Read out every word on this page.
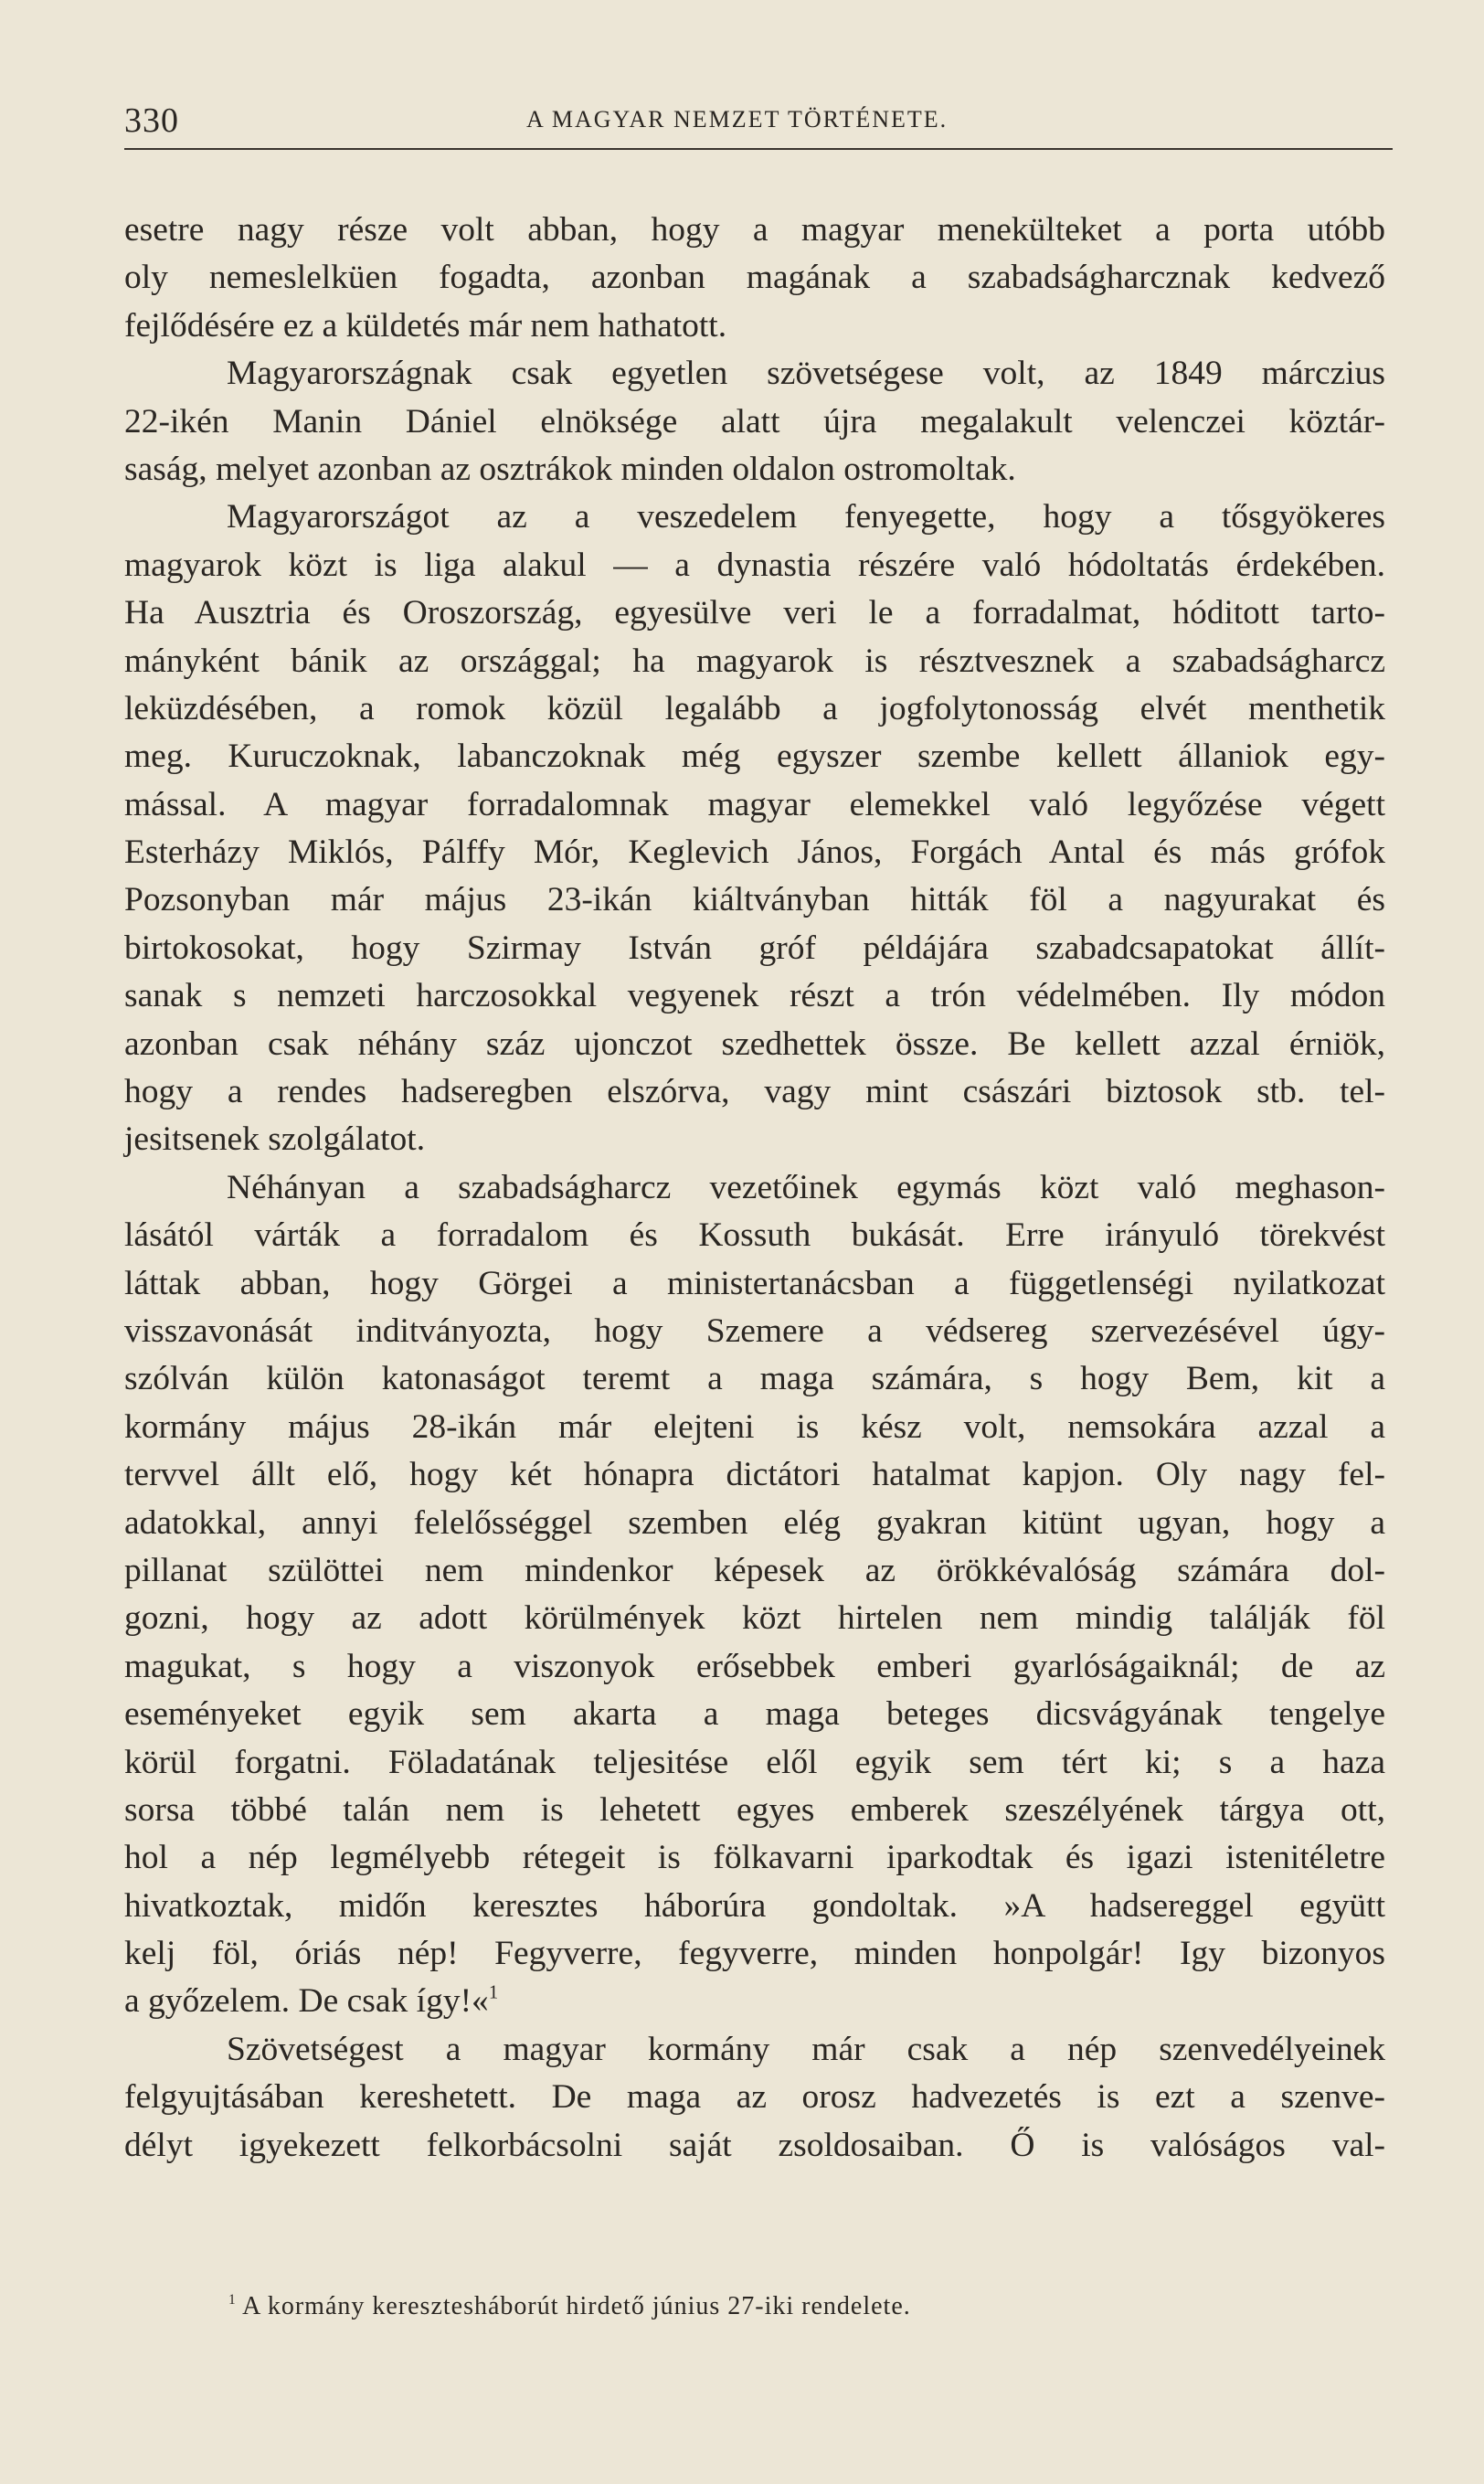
330	A MAGYAR NEMZET TÖRTÉNETE.
esetre nagy része volt abban, hogy a magyar menekülteket a porta utóbb
oly nemeslelküen fogadta, azonban magának a szabadságharcznak kedvező
fejlődésére ez a küldetés már nem hathatott.
Magyarországnak csak egyetlen szövetségese volt, az 1849 márczius
22-ikén Manin Dániel elnöksége alatt újra megalakult velenczei köztár-
saság, melyet azonban az osztrákok minden oldalon ostromoltak.
Magyarországot az a veszedelem fenyegette, hogy a tősgyökeres
magyarok közt is liga alakul — a dynastia részére való hódoltatás érdekében.
Ha Ausztria és Oroszország, egyesülve veri le a forradalmat, hóditott tarto-
mányként bánik az országgal; ha magyarok is résztvesznek a szabadságharcz
leküzdésében, a romok közül legalább a jogfolytonosság elvét menthetik
meg. Kuruczoknak, labanczoknak még egyszer szembe kellett állaniok egy-
mással. A magyar forradalomnak magyar elemekkel való legyőzése végett
Esterházy Miklós, Pálffy Mór, Keglevich János, Forgách Antal és más grófok
Pozsonyban már május 23-ikán kiáltványban hitták föl a nagyurakat és
birtokosokat, hogy Szirmay István gróf példájára szabadcsapatokat állít-
sanak s nemzeti harczosokkal vegyenek részt a trón védelmében. Ily módon
azonban csak néhány száz ujonczot szedhettek össze. Be kellett azzal érniök,
hogy a rendes hadseregben elszórva, vagy mint császári biztosok stb. tel-
jesitsenek szolgálatot.
Néhányan a szabadságharcz vezetőinek egymás közt való meghason-
lásától várták a forradalom és Kossuth bukását. Erre irányuló törekvést
láttak abban, hogy Görgei a ministertanácsban a függetlenségi nyilatkozat
visszavonását inditványozta, hogy Szemere a védsereg szervezésével úgy-
szólván külön katonaságot teremt a maga számára, s hogy Bem, kit a
kormány május 28-ikán már elejteni is kész volt, nemsokára azzal a
tervvel állt elő, hogy két hónapra dictátori hatalmat kapjon. Oly nagy fel-
adatokkal, annyi felelősséggel szemben elég gyakran kitünt ugyan, hogy a
pillanat szülöttei nem mindenkor képesek az örökkévalóság számára dol-
gozni, hogy az adott körülmények közt hirtelen nem mindig találják föl
magukat, s hogy a viszonyok erősebbek emberi gyarlóságaiknál; de az
eseményeket egyik sem akarta a maga beteges dicsvágyának tengelye
körül forgatni. Föladatának teljesitése elől egyik sem tért ki; s a haza
sorsa többé talán nem is lehetett egyes emberek szeszélyének tárgya ott,
hol a nép legmélyebb rétegeit is fölkavarni iparkodtak és igazi istenitéletre
hivatkoztak, midőn keresztes háborúra gondoltak. »A hadsereggel együtt
kelj föl, óriás nép! Fegyverre, fegyverre, minden honpolgár! Igy bizonyos
a győzelem. De csak így!«$^1$
Szövetségest a magyar kormány már csak a nép szenvedélyeinek
felgyujtásában kereshetett. De maga az orosz hadvezetés is ezt a szenve-
délyt igyekezett felkorbácsolni saját zsoldosaiban. Ő is valóságos val-
$^1$ A kormány keresztesháborút hirdető június 27-iki rendelete.
